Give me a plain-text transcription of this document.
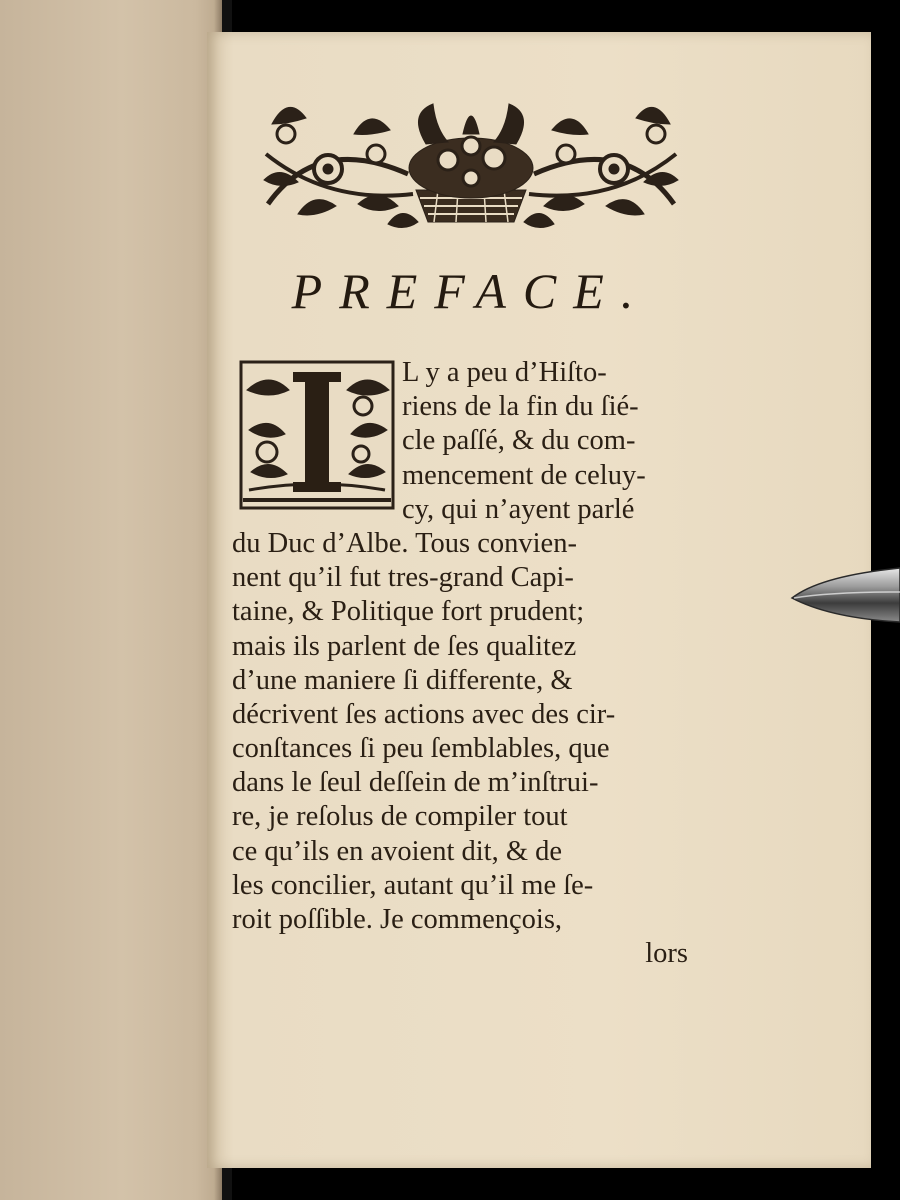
PREFACE.
I
L y a peu d’Hiſto-
riens de la fin du ſié-
cle paſſé, & du com-
mencement de celuy-
cy, qui n’ayent parlé
du Duc d’Albe. Tous convien-
nent qu’il fut tres-grand Capi-
taine, & Politique fort prudent;
mais ils parlent de ſes qualitez
d’une maniere ſi differente, &
décrivent ſes actions avec des cir-
conſtances ſi peu ſemblables, que
dans le ſeul deſſein de m’inſtrui-
re, je reſolus de compiler tout
ce qu’ils en avoient dit, & de
les concilier, autant qu’il me ſe-
roit poſſible. Je commençois,
lors
